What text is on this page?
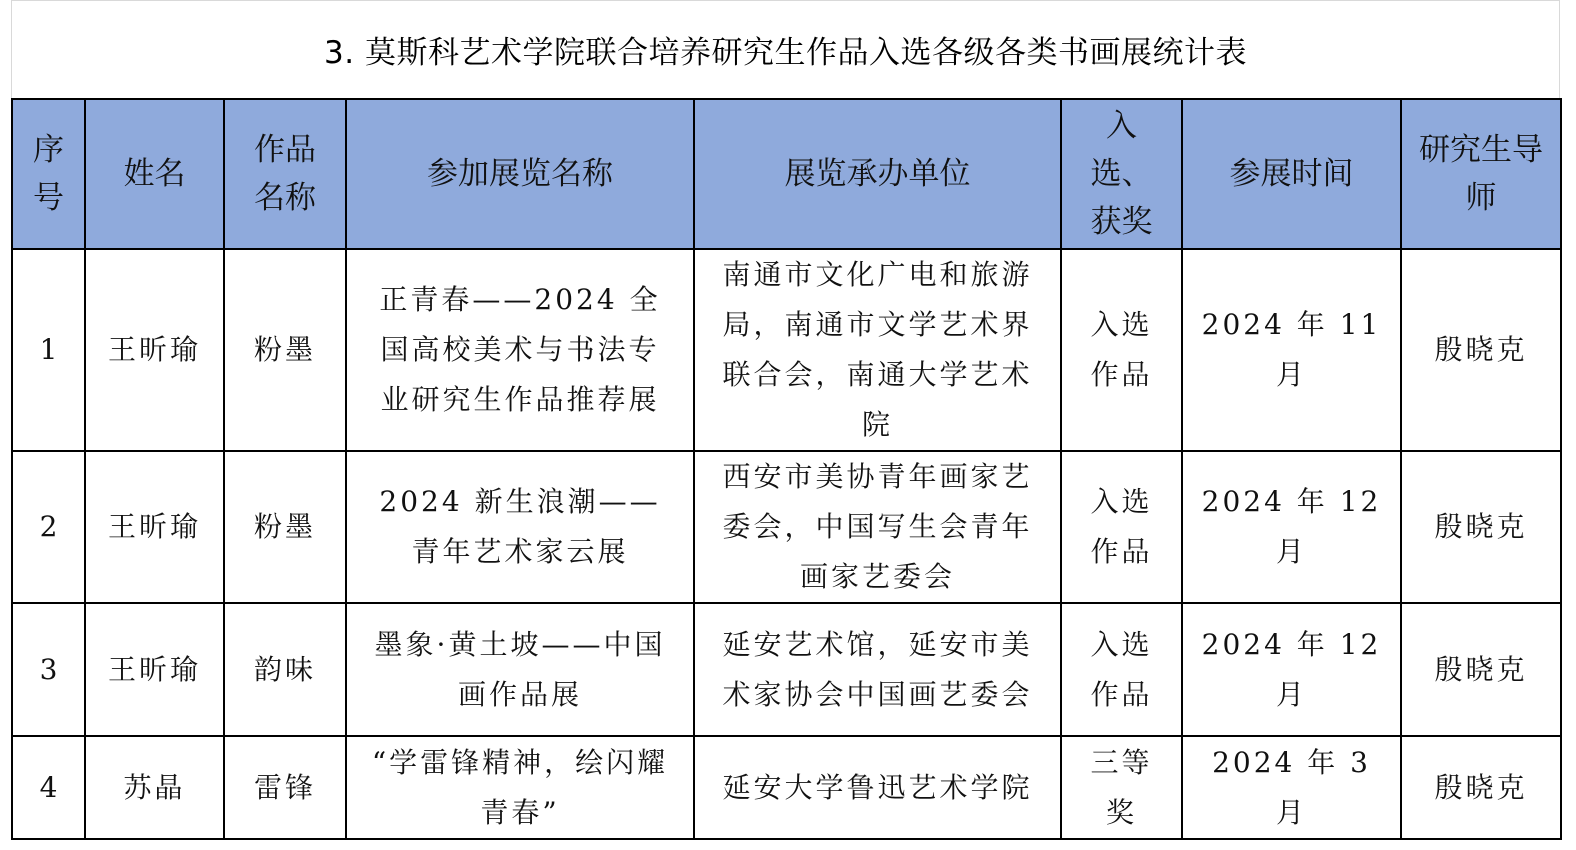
3. 莫斯科艺术学院联合培养研究生作品入选各级各类书画展统计表
序号	姓名	作品名称	参加展览名称	展览承办单位	入选、获奖	参展时间	研究生导师
1	王昕瑜	粉墨	正青春——2024 全国高校美术与书法专业研究生作品推荐展	南通市文化广电和旅游局，南通市文学艺术界联合会，南通大学艺术院	入选作品	2024 年 11 月	殷晓克
2	王昕瑜	粉墨	2024 新生浪潮——青年艺术家云展	西安市美协青年画家艺委会，中国写生会青年画家艺委会	入选作品	2024 年 12 月	殷晓克
3	王昕瑜	韵味	墨象·黄土坡——中国画作品展	延安艺术馆，延安市美术家协会中国画艺委会	入选作品	2024 年 12 月	殷晓克
4	苏晶	雷锋	“学雷锋精神，绘闪耀青春”	延安大学鲁迅艺术学院	三等奖	2024 年 3 月	殷晓克
